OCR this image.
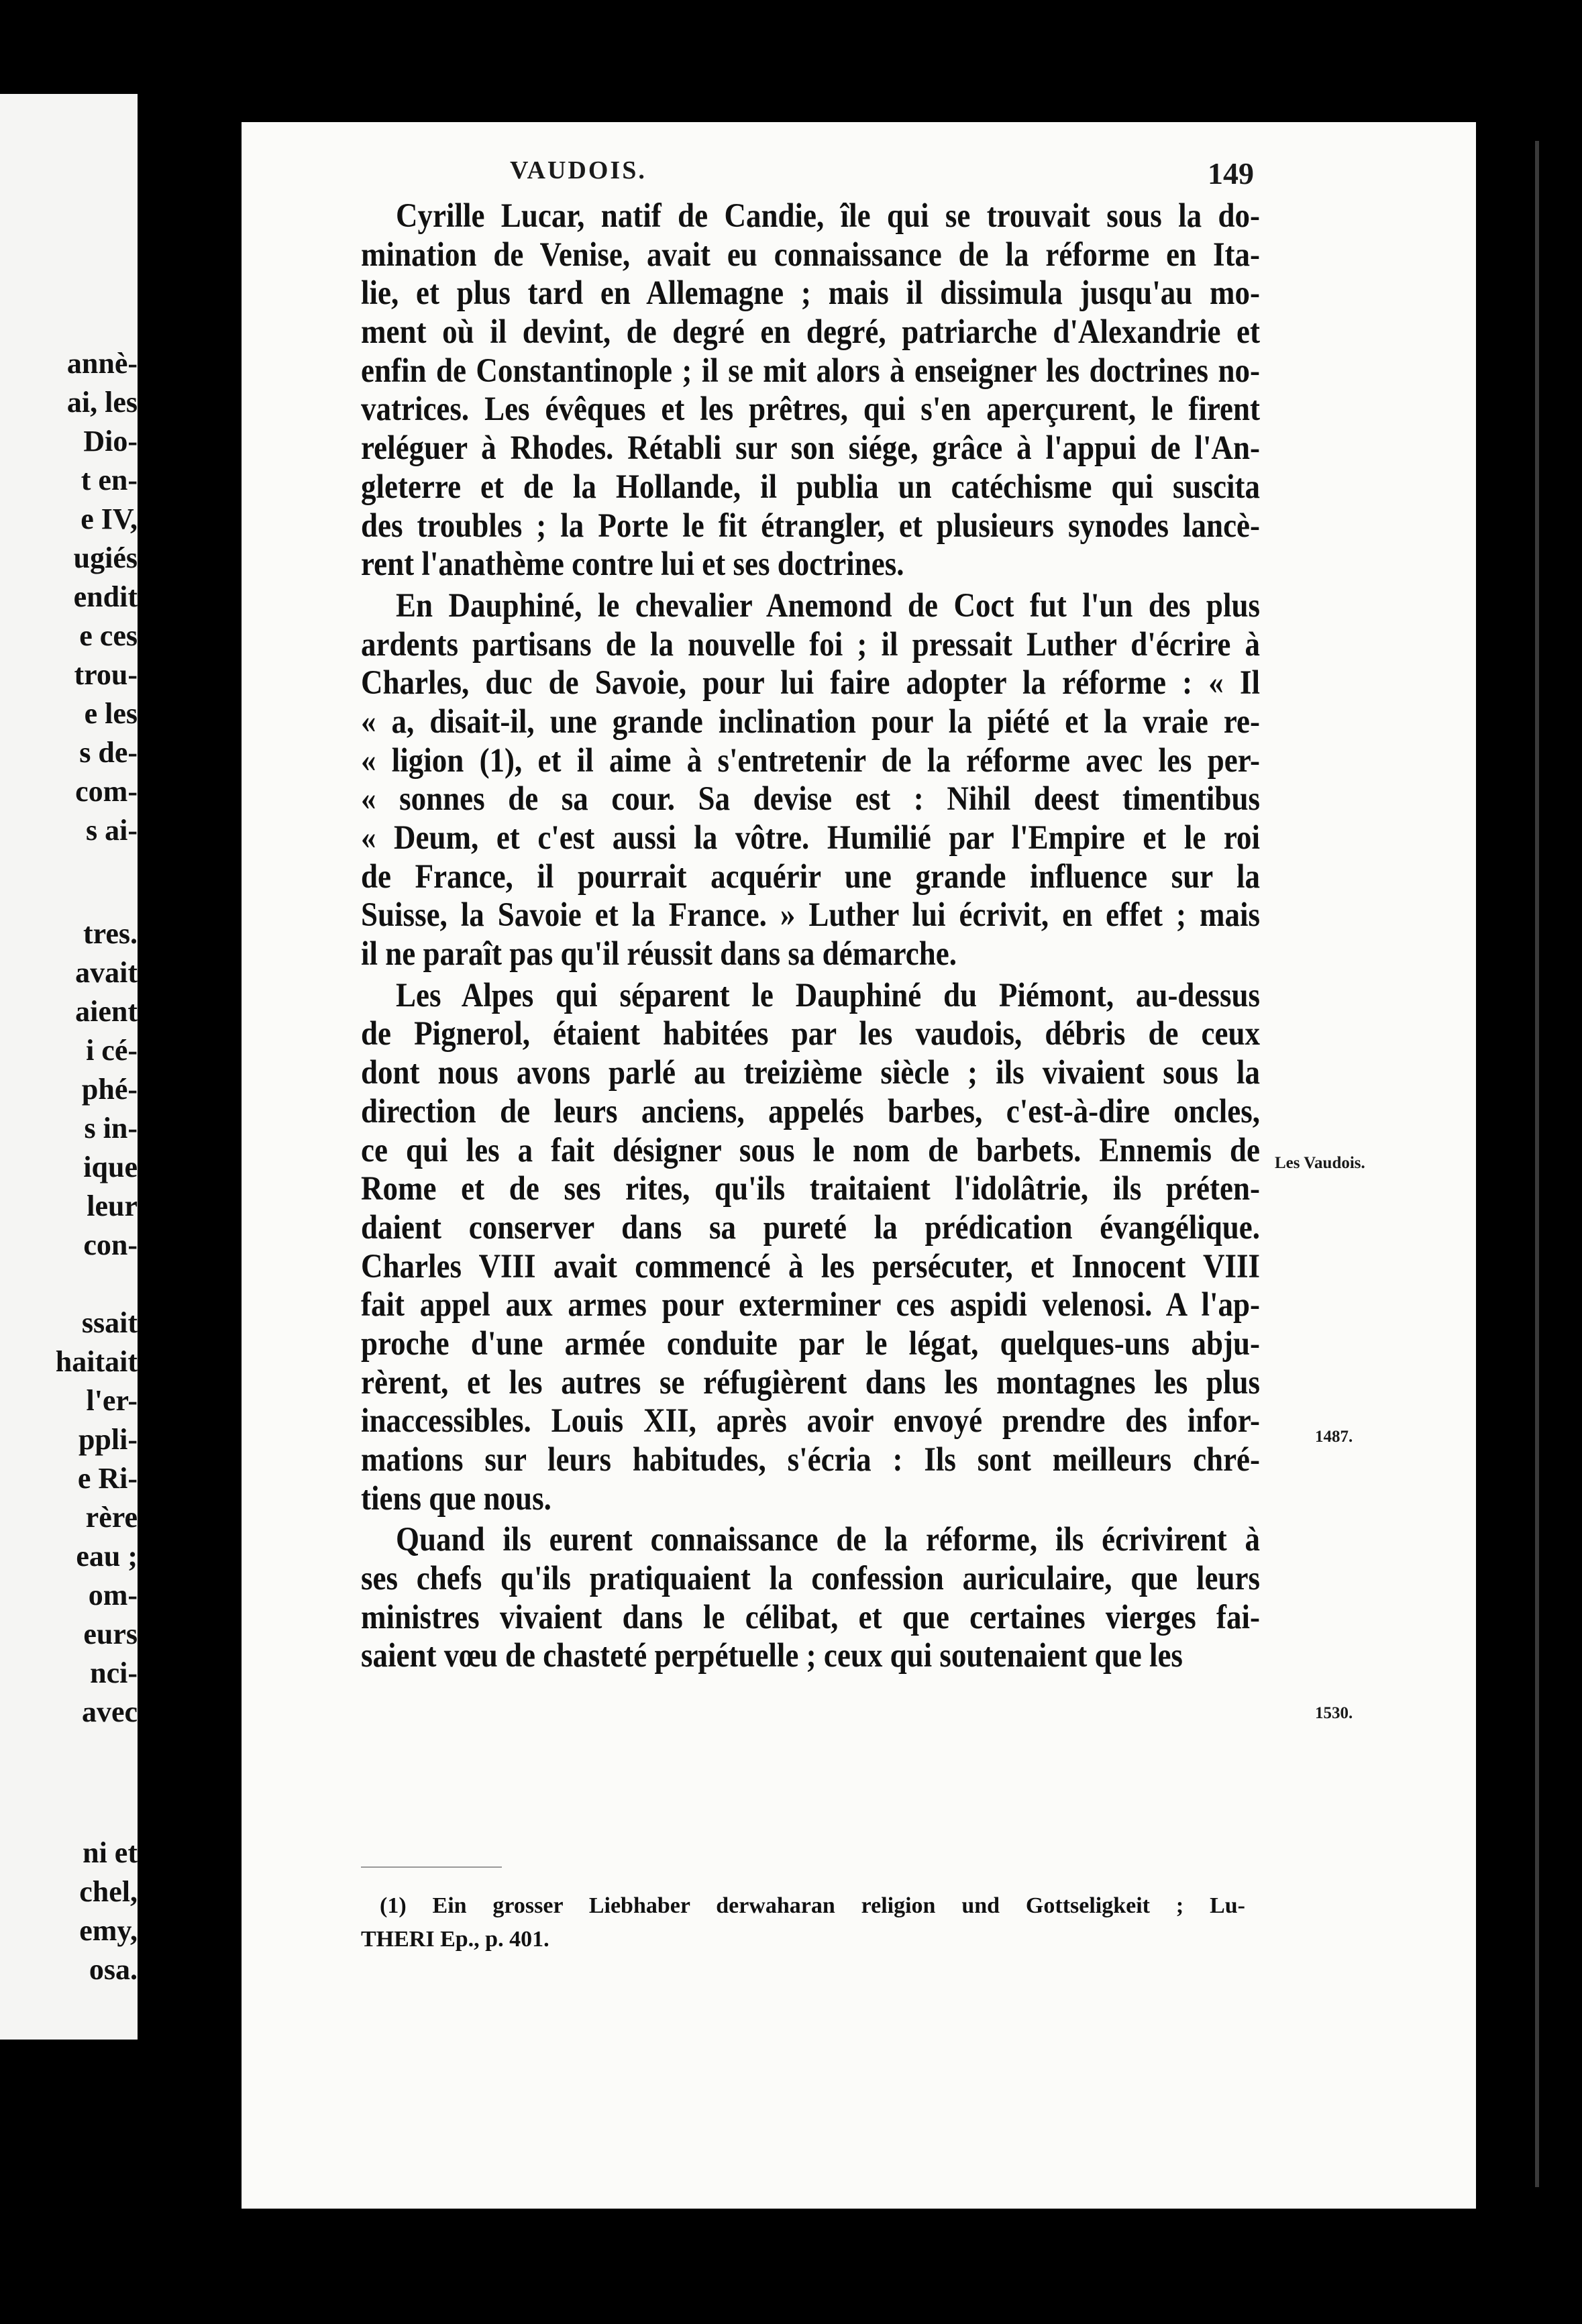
VAUDOIS.	149
Cyrille Lucar, natif de Candie, île qui se trouvait sous la do-
mination de Venise, avait eu connaissance de la réforme en Ita-
lie, et plus tard en Allemagne ; mais il dissimula jusqu'au mo-
ment où il devint, de degré en degré, patriarche d'Alexandrie et
enfin de Constantinople ; il se mit alors à enseigner les doctrines no-
vatrices. Les évêques et les prêtres, qui s'en aperçurent, le firent
reléguer à Rhodes. Rétabli sur son siége, grâce à l'appui de l'An-
gleterre et de la Hollande, il publia un catéchisme qui suscita
des troubles ; la Porte le fit étrangler, et plusieurs synodes lancè-
rent l'anathème contre lui et ses doctrines.
En Dauphiné, le chevalier Anemond de Coct fut l'un des plus
ardents partisans de la nouvelle foi ; il pressait Luther d'écrire à
Charles, duc de Savoie, pour lui faire adopter la réforme : « Il
« a, disait-il, une grande inclination pour la piété et la vraie re-
« ligion (1), et il aime à s'entretenir de la réforme avec les per-
« sonnes de sa cour. Sa devise est : Nihil deest timentibus
« Deum, et c'est aussi la vôtre. Humilié par l'Empire et le roi
de France, il pourrait acquérir une grande influence sur la
Suisse, la Savoie et la France. » Luther lui écrivit, en effet ; mais
il ne paraît pas qu'il réussit dans sa démarche.
Les Alpes qui séparent le Dauphiné du Piémont, au-dessus
de Pignerol, étaient habitées par les vaudois, débris de ceux
dont nous avons parlé au treizième siècle ; ils vivaient sous la
direction de leurs anciens, appelés barbes, c'est-à-dire oncles,
ce qui les a fait désigner sous le nom de barbets. Ennemis de
Rome et de ses rites, qu'ils traitaient l'idolâtrie, ils préten-
daient conserver dans sa pureté la prédication évangélique.
Charles VIII avait commencé à les persécuter, et Innocent VIII
fait appel aux armes pour exterminer ces aspidi velenosi. A l'ap-
proche d'une armée conduite par le légat, quelques-uns abju-
rèrent, et les autres se réfugièrent dans les montagnes les plus
inaccessibles. Louis XII, après avoir envoyé prendre des infor-
mations sur leurs habitudes, s'écria : Ils sont meilleurs chré-
tiens que nous.
Quand ils eurent connaissance de la réforme, ils écrivirent à
ses chefs qu'ils pratiquaient la confession auriculaire, que leurs
ministres vivaient dans le célibat, et que certaines vierges fai-
saient vœu de chasteté perpétuelle ; ceux qui soutenaient que les
Les Vaudois.
1487.
1530.
(1) Ein grosser Liebhaber derwaharan religion und Gottseligkeit ; Lu-
THERI Ep., p. 401.
annè-
ai, les
Dio-
t en-
e IV,
ugiés
endit
e ces
trou-
e les
s de-
com-
s ai-
tres.
avait
aient
i cé-
phé-
s in-
ique
leur
con-
ssait
haitait
l'er-
ppli-
e Ri-
rère
eau ;
om-
eurs
nci-
avec
ni et
chel,
emy,
osa.
